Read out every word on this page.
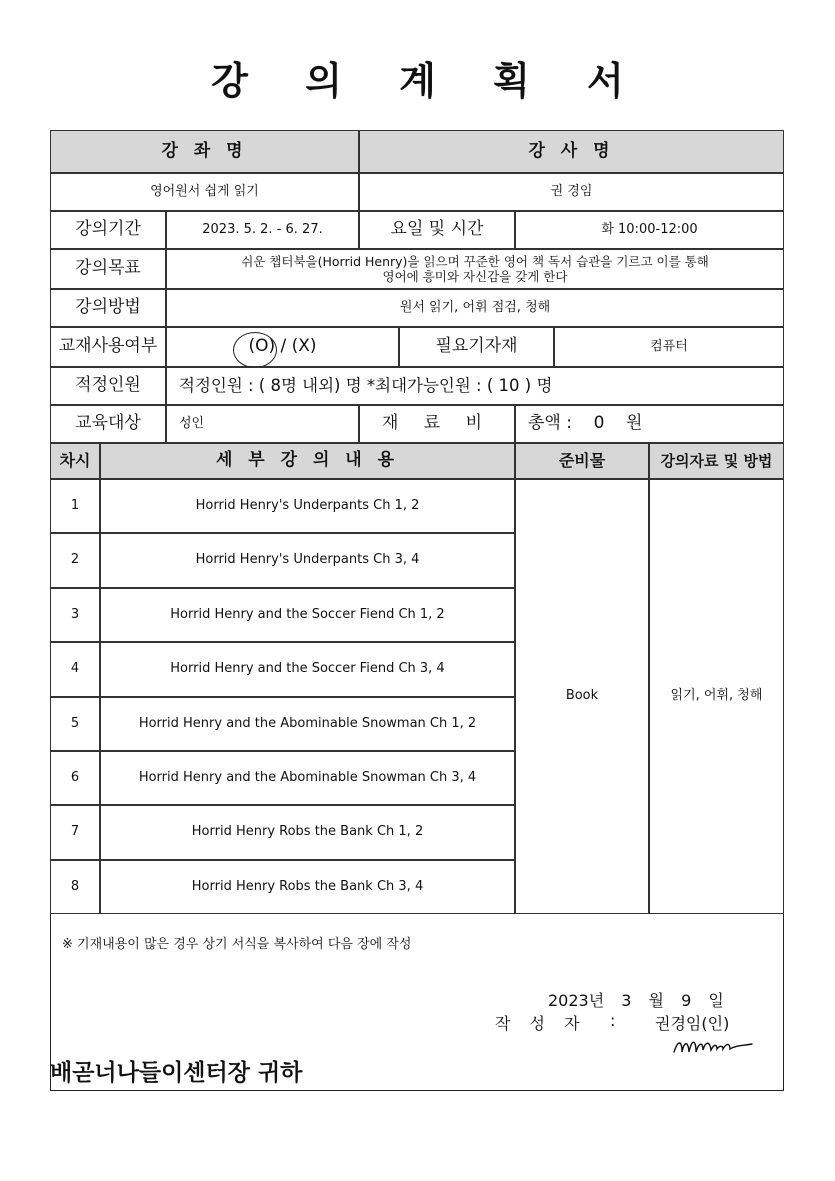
강 의 계 획 서
강 좌 명	강 사 명
영어원서 쉽게 읽기	권 경임
강의기간	2023. 5. 2. - 6. 27.	요일 및 시간	화 10:00-12:00
강의목표	쉬운 챕터북을(Horrid Henry)을 읽으며 꾸준한 영어 책 독서 습관을 기르고 이를 통해
영어에 흥미와 자신감을 갖게 한다
강의방법	원서 읽기, 어휘 점검, 청해
교재사용여부	(O) / (X)	필요기자재	컴퓨터
적정인원	적정인원 : ( 8명 내외) 명 *최대가능인원 : ( 10 ) 명
교육대상	성인	재 료 비	총액 :    0    원
차시	세 부 강 의 내 용	준비물	강의자료 및 방법
1	Horrid Henry's Underpants Ch 1, 2
2	Horrid Henry's Underpants Ch 3, 4
3	Horrid Henry and the Soccer Fiend Ch 1, 2
4	Horrid Henry and the Soccer Fiend Ch 3, 4
5	Horrid Henry and the Abominable Snowman Ch 1, 2
6	Horrid Henry and the Abominable Snowman Ch 3, 4
7	Horrid Henry Robs the Bank Ch 1, 2
8	Horrid Henry Robs the Bank Ch 3, 4
Book	읽기, 어휘, 청해
※ 기재내용이 많은 경우 상기 서식을 복사하여 다음 장에 작성
2023년 3 월 9 일
작 성 자 : 권경임(인)
배곧너나들이센터장 귀하
